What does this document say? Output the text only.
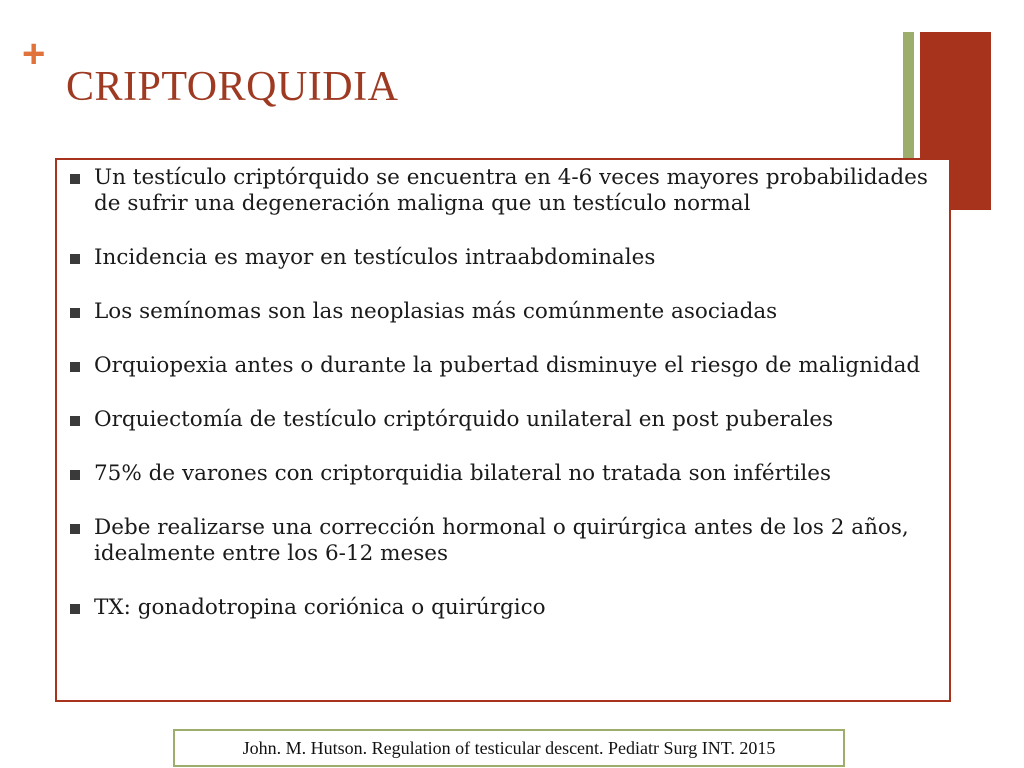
+
CRIPTORQUIDIA
Un testículo criptórquido se encuentra en 4-6 veces mayores probabilidades de sufrir una degeneración maligna que un testículo normal
Incidencia es mayor en testículos intraabdominales
Los semínomas son las neoplasias más comúnmente asociadas
Orquiopexia antes o durante la pubertad disminuye el riesgo de malignidad
Orquiectomía de testículo criptórquido unilateral en post puberales
75% de varones con criptorquidia bilateral no tratada son infértiles
Debe realizarse una corrección hormonal o quirúrgica antes de los 2 años, idealmente entre los 6-12 meses
TX: gonadotropina coriónica o quirúrgico
John. M. Hutson. Regulation of testicular descent. Pediatr Surg INT. 2015
